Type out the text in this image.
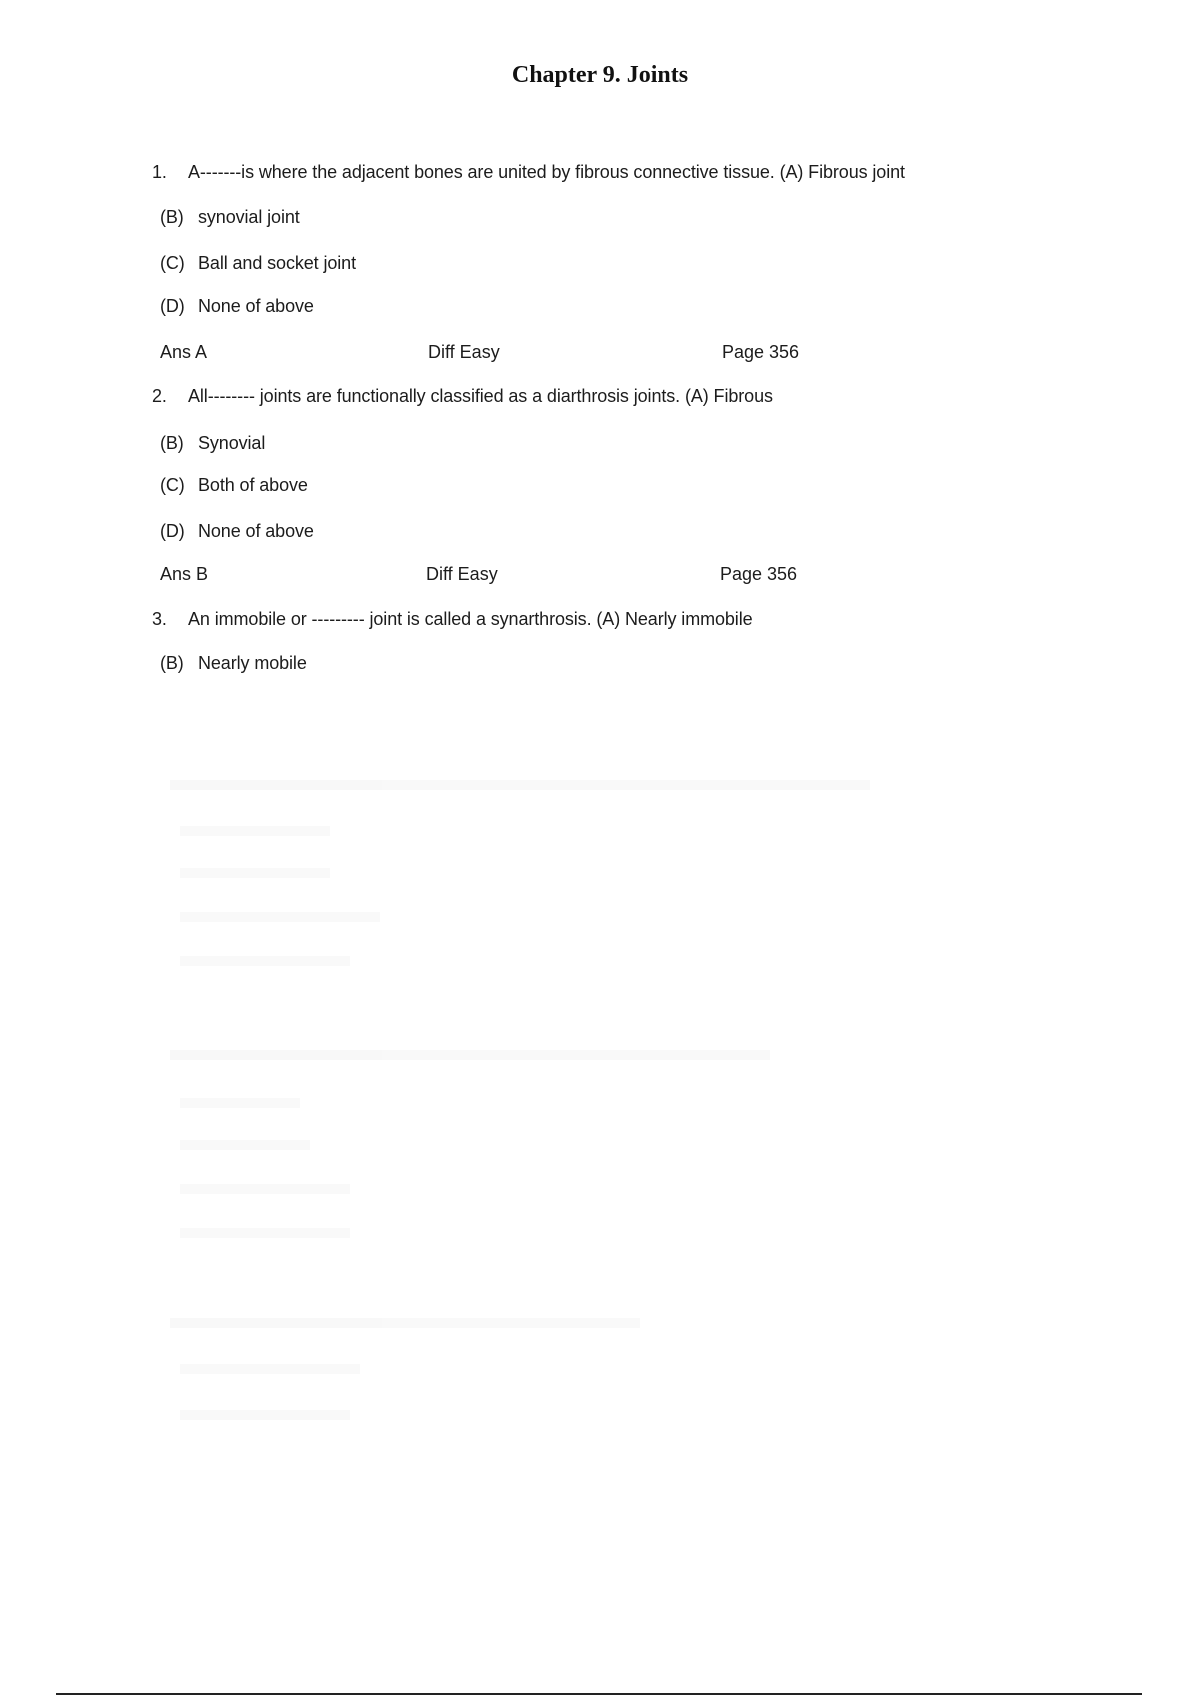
Chapter 9. Joints
1. A-------is where the adjacent bones are united by fibrous connective tissue. (A) Fibrous joint
(B) synovial joint
(C) Ball and socket joint
(D) None of above
Ans A	Diff Easy	Page 356
2. All-------- joints are functionally classified as a diarthrosis joints. (A) Fibrous
(B) Synovial
(C) Both of above
(D) None of above
Ans B	Diff Easy	Page 356
3. An immobile or --------- joint is called a synarthrosis. (A) Nearly immobile
(B) Nearly mobile
